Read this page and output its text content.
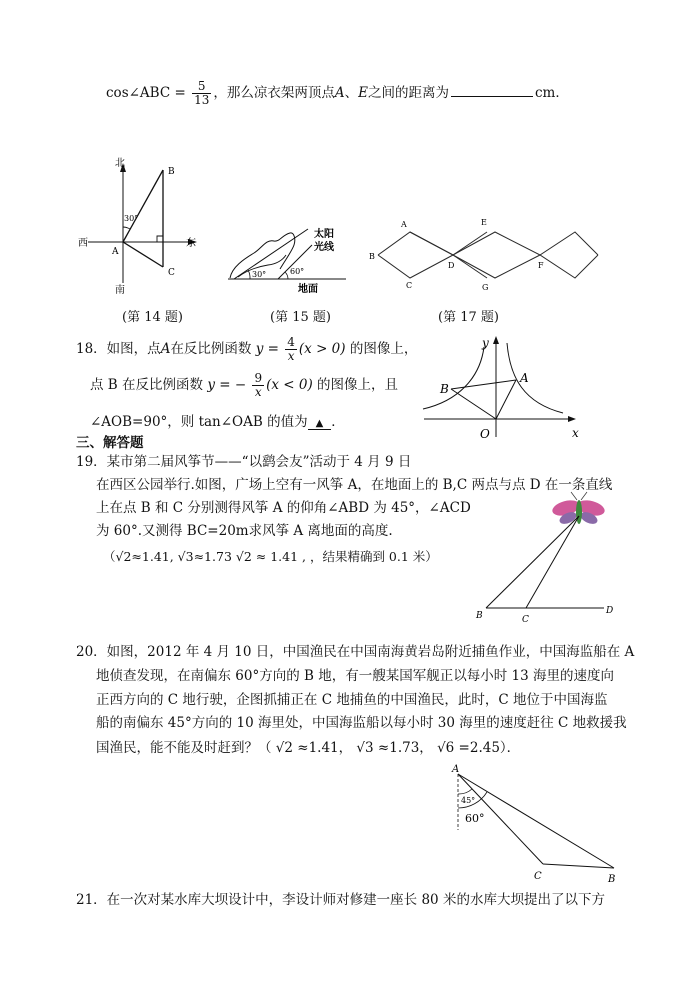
cos∠ABC = $\frac{5}{13}$ ，那么凉衣架两顶点A、E之间的距离为	cm．
北
西	东
南
30°
B
A
C
太阳
光线
30°	60°
地面
A
B
C
D
E
F
G
(第 14 题)	(第 15 题)	(第 17 题)
18．如图，点A在反比例函数 $y = \frac{4}{x} (x > 0)$ 的图像上，
点 B 在反比例函数 y = − $\frac{9}{x} (x < 0)$ 的图像上，且
∠AOB=90°，则 tan∠OAB 的值为 ▲ ．
y
x
O
A
B
三、解答题
19．某市第二届风筝节——“以鹞会友”活动于 4 月 9 日
在西区公园举行.如图，广场上空有一风筝 A，在地面上的 B,C 两点与点 D 在一条直线
上在点 B 和 C 分别测得风筝 A 的仰角∠ABD 为 45°，∠ACD
为 60°.又测得 BC=20m求风筝 A 离地面的高度.
（√2≈1.41, √3≈1.73 √2 ≈ 1.41 , ，结果精确到 0.1 米）
B	C
D
20．如图，2012 年 4 月 10 日，中国渔民在中国南海黄岩岛附近捕鱼作业，中国海监船在 A
地侦查发现，在南偏东 60°方向的 B 地，有一艘某国军舰正以每小时 13 海里的速度向
正西方向的 C 地行驶，企图抓捕正在 C 地捕鱼的中国渔民，此时，C 地位于中国海监
船的南偏东 45°方向的 10 海里处，中国海监船以每小时 30 海里的速度赶往 C 地救援我
国渔民，能不能及时赶到？（ √2 ≈1.41， √3 ≈1.73， √6 =2.45）．
A
45°
60°
C	B
21．在一次对某水库大坝设计中，李设计师对修建一座长 80 米的水库大坝提出了以下方
